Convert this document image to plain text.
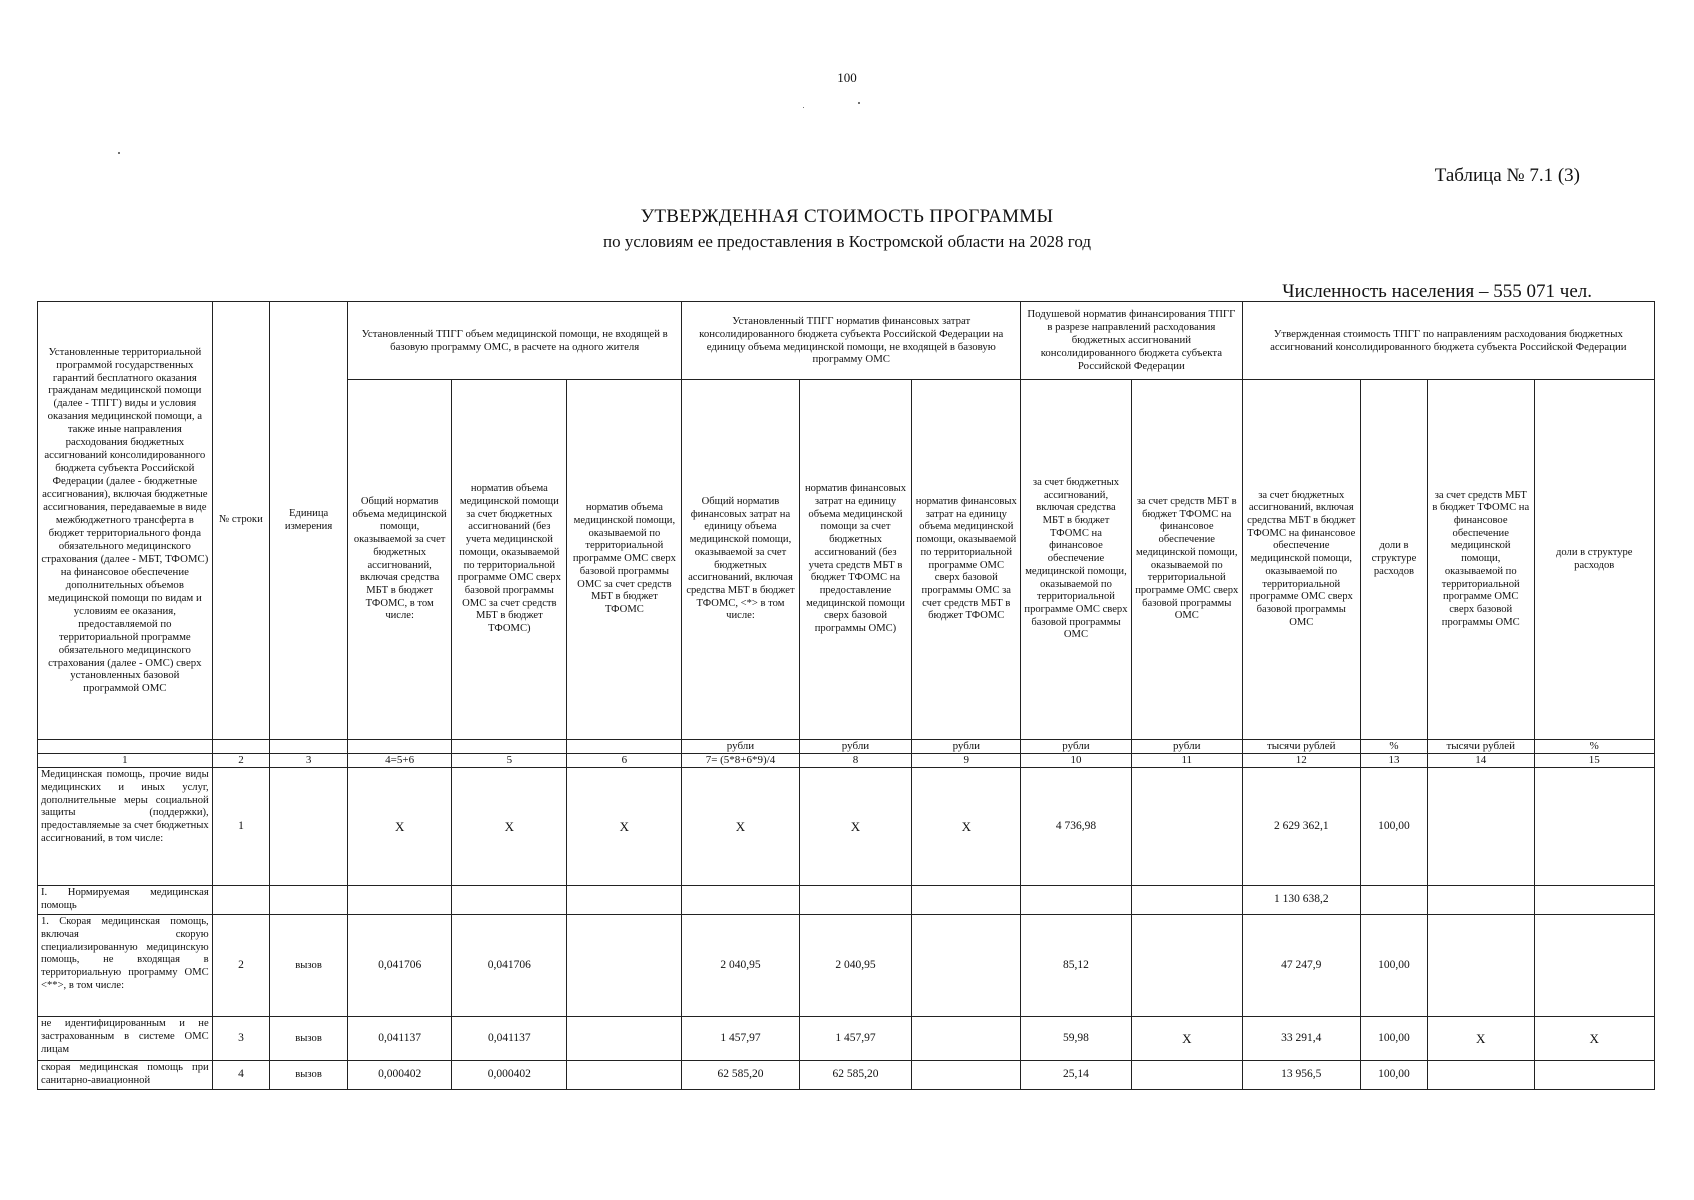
100
Таблица № 7.1 (3)
УТВЕРЖДЕННАЯ СТОИМОСТЬ ПРОГРАММЫ
по условиям ее предоставления в Костромской области на 2028 год
Численность населения – 555 071 чел.
Установленные территориальной программой государственных гарантий бесплатного оказания гражданам медицинской помощи (далее - ТПГГ) виды и условия оказания медицинской помощи, а также иные направления расходования бюджетных ассигнований консолидированного бюджета субъекта Российской Федерации (далее - бюджетные ассигнования), включая бюджетные ассигнования, передаваемые в виде межбюджетного трансферта в бюджет территориального фонда обязательного медицинского страхования (далее - МБТ, ТФОМС) на финансовое обеспечение дополнительных объемов медицинской помощи по видам и условиям ее оказания, предоставляемой по территориальной программе обязательного медицинского страхования (далее - ОМС) сверх установленных базовой программой ОМС	№ строки	Единица измерения	Установленный ТПГГ объем медицинской помощи, не входящей в базовую программу ОМС, в расчете на одного жителя			Установленный ТПГГ норматив финансовых затрат консолидированного бюджета субъекта Российской Федерации на единицу объема медицинской помощи, не входящей в базовую программу ОМС			Подушевой норматив финансирования ТПГГ в разрезе направлений расходования бюджетных ассигнований консолидированного бюджета субъекта Российской Федерации		Утвержденная стоимость ТПГГ по направлениям расходования бюджетных ассигнований консолидированного бюджета субъекта Российской Федерации			
			Общий норматив объема медицинской помощи, оказываемой за счет бюджетных ассигнований, включая средства МБТ в бюджет ТФОМС, в том числе:	норматив объема медицинской помощи за счет бюджетных ассигнований (без учета медицинской помощи, оказываемой по территориальной программе ОМС сверх базовой программы ОМС за счет средств МБТ в бюджет ТФОМС)	норматив объема медицинской помощи, оказываемой по территориальной программе ОМС сверх базовой программы ОМС за счет средств МБТ в бюджет ТФОМС	Общий норматив финансовых затрат на единицу объема медицинской помощи, оказываемой за счет бюджетных ассигнований, включая средства МБТ в бюджет ТФОМС, <*> в том числе:	норматив финансовых затрат на единицу объема медицинской помощи за счет бюджетных ассигнований (без учета средств МБТ в бюджет ТФОМС на предоставление медицинской помощи сверх базовой программы ОМС)	норматив финансовых затрат на единицу объема медицинской помощи, оказываемой по территориальной программе ОМС сверх базовой программы ОМС за счет средств МБТ в бюджет ТФОМС	за счет бюджетных ассигнований, включая средства МБТ в бюджет ТФОМС на финансовое обеспечение медицинской помощи, оказываемой по территориальной программе ОМС сверх базовой программы ОМС	за счет средств МБТ в бюджет ТФОМС на финансовое обеспечение медицинской помощи, оказываемой по территориальной программе ОМС сверх базовой программы ОМС	за счет бюджетных ассигнований, включая средства МБТ в бюджет ТФОМС на финансовое обеспечение медицинской помощи, оказываемой по территориальной программе ОМС сверх базовой программы ОМС	доли в структуре расходов	за счет средств МБТ в бюджет ТФОМС на финансовое обеспечение медицинской помощи, оказываемой по территориальной программе ОМС сверх базовой программы ОМС	доли в структуре расходов
						рубли	рубли	рубли	рубли	рубли	тысячи рублей	%	тысячи рублей	%
1	2	3	4=5+6	5	6	7= (5*8+6*9)/4	8	9	10	11	12	13	14	15
Медицинская помощь, прочие виды медицинских и иных услуг, дополнительные меры социальной защиты (поддержки), предоставляемые за счет бюджетных ассигнований, в том числе:	1		X	X	X	X	X	X	4 736,98		2 629 362,1	100,00		
I. Нормируемая медицинская помощь											1 130 638,2			
1. Скорая медицинская помощь, включая скорую специализированную медицинскую помощь, не входящая в территориальную программу ОМС <**>, в том числе:	2	вызов	0,041706	0,041706		2 040,95	2 040,95		85,12		47 247,9	100,00		
не идентифицированным и не застрахованным в системе ОМС лицам	3	вызов	0,041137	0,041137		1 457,97	1 457,97		59,98	X	33 291,4	100,00	X	X
скорая медицинская помощь при санитарно-авиационной	4	вызов	0,000402	0,000402		62 585,20	62 585,20		25,14		13 956,5	100,00		
